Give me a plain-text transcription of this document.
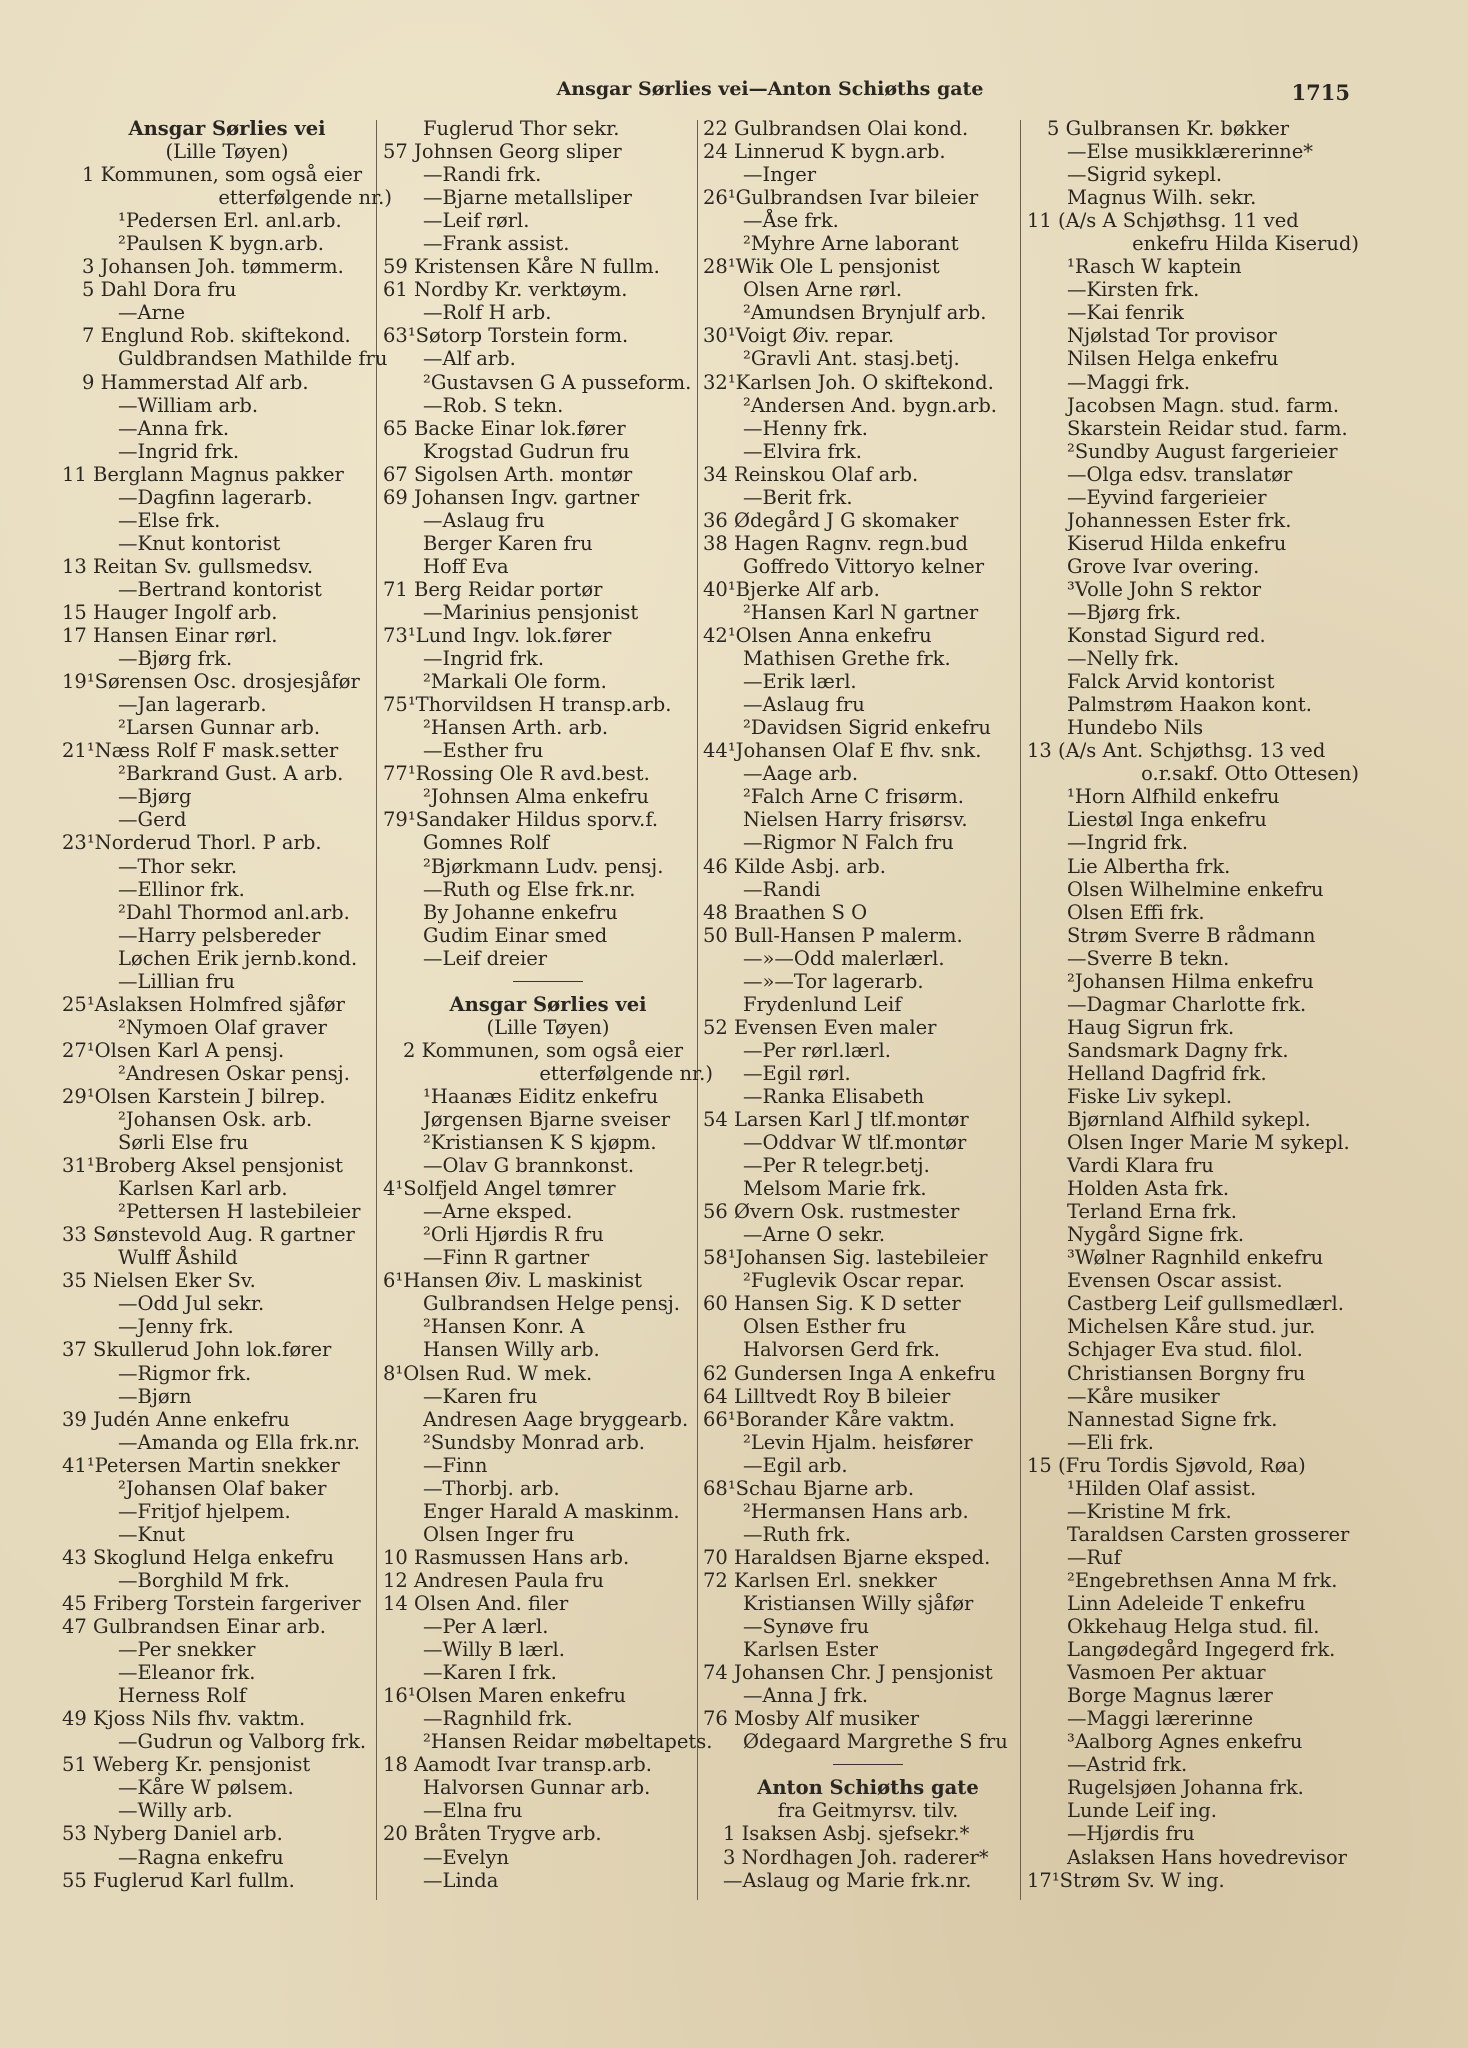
Ansgar Sørlies vei—Anton Schiøths gate	1715
Ansgar Sørlies vei
(Lille Tøyen)
1 Kommunen, som også eier
etterfølgende nr.)
¹Pedersen Erl. anl.arb.
²Paulsen K bygn.arb.
3 Johansen Joh. tømmerm.
5 Dahl Dora fru
—Arne
7 Englund Rob. skiftekond.
Guldbrandsen Mathilde fru
9 Hammerstad Alf arb.
—William arb.
—Anna frk.
—Ingrid frk.
11 Berglann Magnus pakker
—Dagfinn lagerarb.
—Else frk.
—Knut kontorist
13 Reitan Sv. gullsmedsv.
—Bertrand kontorist
15 Hauger Ingolf arb.
17 Hansen Einar rørl.
—Bjørg frk.
19¹Sørensen Osc. drosjesjåfør
—Jan lagerarb.
²Larsen Gunnar arb.
21¹Næss Rolf F mask.setter
²Barkrand Gust. A arb.
—Bjørg
—Gerd
23¹Norderud Thorl. P arb.
—Thor sekr.
—Ellinor frk.
²Dahl Thormod anl.arb.
—Harry pelsbereder
Løchen Erik jernb.kond.
—Lillian fru
25¹Aslaksen Holmfred sjåfør
²Nymoen Olaf graver
27¹Olsen Karl A pensj.
²Andresen Oskar pensj.
29¹Olsen Karstein J bilrep.
²Johansen Osk. arb.
Sørli Else fru
31¹Broberg Aksel pensjonist
Karlsen Karl arb.
²Pettersen H lastebileier
33 Sønstevold Aug. R gartner
Wulff Åshild
35 Nielsen Eker Sv.
—Odd Jul sekr.
—Jenny frk.
37 Skullerud John lok.fører
—Rigmor frk.
—Bjørn
39 Judén Anne enkefru
—Amanda og Ella frk.nr.
41¹Petersen Martin snekker
²Johansen Olaf baker
—Fritjof hjelpem.
—Knut
43 Skoglund Helga enkefru
—Borghild M frk.
45 Friberg Torstein fargeriver
47 Gulbrandsen Einar arb.
—Per snekker
—Eleanor frk.
Herness Rolf
49 Kjoss Nils fhv. vaktm.
—Gudrun og Valborg frk.
51 Weberg Kr. pensjonist
—Kåre W pølsem.
—Willy arb.
53 Nyberg Daniel arb.
—Ragna enkefru
55 Fuglerud Karl fullm.
Fuglerud Thor sekr.
57 Johnsen Georg sliper
—Randi frk.
—Bjarne metallsliper
—Leif rørl.
—Frank assist.
59 Kristensen Kåre N fullm.
61 Nordby Kr. verktøym.
—Rolf H arb.
63¹Søtorp Torstein form.
—Alf arb.
²Gustavsen G A pusseform.
—Rob. S tekn.
65 Backe Einar lok.fører
Krogstad Gudrun fru
67 Sigolsen Arth. montør
69 Johansen Ingv. gartner
—Aslaug fru
Berger Karen fru
Hoff Eva
71 Berg Reidar portør
—Marinius pensjonist
73¹Lund Ingv. lok.fører
—Ingrid frk.
²Markali Ole form.
75¹Thorvildsen H transp.arb.
²Hansen Arth. arb.
—Esther fru
77¹Rossing Ole R avd.best.
²Johnsen Alma enkefru
79¹Sandaker Hildus sporv.f.
Gomnes Rolf
²Bjørkmann Ludv. pensj.
—Ruth og Else frk.nr.
By Johanne enkefru
Gudim Einar smed
—Leif dreier
Ansgar Sørlies vei
(Lille Tøyen)
2 Kommunen, som også eier
etterfølgende nr.)
¹Haanæs Eiditz enkefru
Jørgensen Bjarne sveiser
²Kristiansen K S kjøpm.
—Olav G brannkonst.
4¹Solfjeld Angel tømrer
—Arne eksped.
²Orli Hjørdis R fru
—Finn R gartner
6¹Hansen Øiv. L maskinist
Gulbrandsen Helge pensj.
²Hansen Konr. A
Hansen Willy arb.
8¹Olsen Rud. W mek.
—Karen fru
Andresen Aage bryggearb.
²Sundsby Monrad arb.
—Finn
—Thorbj. arb.
Enger Harald A maskinm.
Olsen Inger fru
10 Rasmussen Hans arb.
12 Andresen Paula fru
14 Olsen And. filer
—Per A lærl.
—Willy B lærl.
—Karen I frk.
16¹Olsen Maren enkefru
—Ragnhild frk.
²Hansen Reidar møbeltapets.
18 Aamodt Ivar transp.arb.
Halvorsen Gunnar arb.
—Elna fru
20 Bråten Trygve arb.
—Evelyn
—Linda
22 Gulbrandsen Olai kond.
24 Linnerud K bygn.arb.
—Inger
26¹Gulbrandsen Ivar bileier
—Åse frk.
²Myhre Arne laborant
28¹Wik Ole L pensjonist
Olsen Arne rørl.
²Amundsen Brynjulf arb.
30¹Voigt Øiv. repar.
²Gravli Ant. stasj.betj.
32¹Karlsen Joh. O skiftekond.
²Andersen And. bygn.arb.
—Henny frk.
—Elvira frk.
34 Reinskou Olaf arb.
—Berit frk.
36 Ødegård J G skomaker
38 Hagen Ragnv. regn.bud
Goffredo Vittoryo kelner
40¹Bjerke Alf arb.
²Hansen Karl N gartner
42¹Olsen Anna enkefru
Mathisen Grethe frk.
—Erik lærl.
—Aslaug fru
²Davidsen Sigrid enkefru
44¹Johansen Olaf E fhv. snk.
—Aage arb.
²Falch Arne C frisørm.
Nielsen Harry frisørsv.
—Rigmor N Falch fru
46 Kilde Asbj. arb.
—Randi
48 Braathen S O
50 Bull-Hansen P malerm.
—»—Odd malerlærl.
—»—Tor lagerarb.
Frydenlund Leif
52 Evensen Even maler
—Per rørl.lærl.
—Egil rørl.
—Ranka Elisabeth
54 Larsen Karl J tlf.montør
—Oddvar W tlf.montør
—Per R telegr.betj.
Melsom Marie frk.
56 Øvern Osk. rustmester
—Arne O sekr.
58¹Johansen Sig. lastebileier
²Fuglevik Oscar repar.
60 Hansen Sig. K D setter
Olsen Esther fru
Halvorsen Gerd frk.
62 Gundersen Inga A enkefru
64 Lilltvedt Roy B bileier
66¹Borander Kåre vaktm.
²Levin Hjalm. heisfører
—Egil arb.
68¹Schau Bjarne arb.
²Hermansen Hans arb.
—Ruth frk.
70 Haraldsen Bjarne eksped.
72 Karlsen Erl. snekker
Kristiansen Willy sjåfør
—Synøve fru
Karlsen Ester
74 Johansen Chr. J pensjonist
—Anna J frk.
76 Mosby Alf musiker
Ødegaard Margrethe S fru
Anton Schiøths gate
fra Geitmyrsv. tilv.
1 Isaksen Asbj. sjefsekr.*
3 Nordhagen Joh. raderer*
—Aslaug og Marie frk.nr.
5 Gulbransen Kr. bøkker
—Else musikklærerinne*
—Sigrid sykepl.
Magnus Wilh. sekr.
11 (A/s A Schjøthsg. 11 ved
enkefru Hilda Kiserud)
¹Rasch W kaptein
—Kirsten frk.
—Kai fenrik
Njølstad Tor provisor
Nilsen Helga enkefru
—Maggi frk.
Jacobsen Magn. stud. farm.
Skarstein Reidar stud. farm.
²Sundby August fargerieier
—Olga edsv. translatør
—Eyvind fargerieier
Johannessen Ester frk.
Kiserud Hilda enkefru
Grove Ivar overing.
³Volle John S rektor
—Bjørg frk.
Konstad Sigurd red.
—Nelly frk.
Falck Arvid kontorist
Palmstrøm Haakon kont.
Hundebo Nils
13 (A/s Ant. Schjøthsg. 13 ved
o.r.sakf. Otto Ottesen)
¹Horn Alfhild enkefru
Liestøl Inga enkefru
—Ingrid frk.
Lie Albertha frk.
Olsen Wilhelmine enkefru
Olsen Effi frk.
Strøm Sverre B rådmann
—Sverre B tekn.
²Johansen Hilma enkefru
—Dagmar Charlotte frk.
Haug Sigrun frk.
Sandsmark Dagny frk.
Helland Dagfrid frk.
Fiske Liv sykepl.
Bjørnland Alfhild sykepl.
Olsen Inger Marie M sykepl.
Vardi Klara fru
Holden Asta frk.
Terland Erna frk.
Nygård Signe frk.
³Wølner Ragnhild enkefru
Evensen Oscar assist.
Castberg Leif gullsmedlærl.
Michelsen Kåre stud. jur.
Schjager Eva stud. filol.
Christiansen Borgny fru
—Kåre musiker
Nannestad Signe frk.
—Eli frk.
15 (Fru Tordis Sjøvold, Røa)
¹Hilden Olaf assist.
—Kristine M frk.
Taraldsen Carsten grosserer
—Ruf
²Engebrethsen Anna M frk.
Linn Adeleide T enkefru
Okkehaug Helga stud. fil.
Langødegård Ingegerd frk.
Vasmoen Per aktuar
Borge Magnus lærer
—Maggi lærerinne
³Aalborg Agnes enkefru
—Astrid frk.
Rugelsjøen Johanna frk.
Lunde Leif ing.
—Hjørdis fru
Aslaksen Hans hovedrevisor
17¹Strøm Sv. W ing.
